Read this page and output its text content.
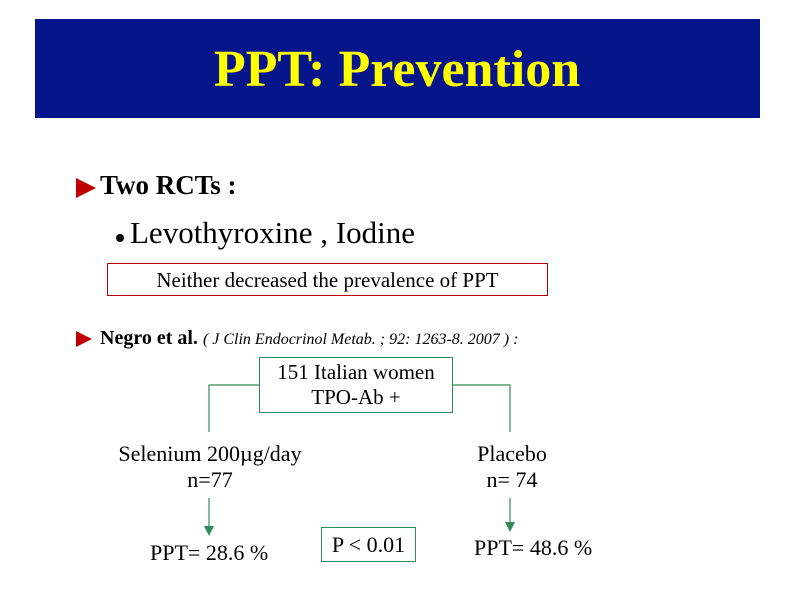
PPT: Prevention
Two RCTs :
Levothyroxine , Iodine
Neither decreased the prevalence of PPT
Negro et al. ( J Clin Endocrinol Metab. ; 92: 1263-8. 2007 ) :
151 Italian women
TPO-Ab +
Selenium 200µg/day
n=77
Placebo
n= 74
PPT= 28.6 %	PPT= 48.6 %
P < 0.01
